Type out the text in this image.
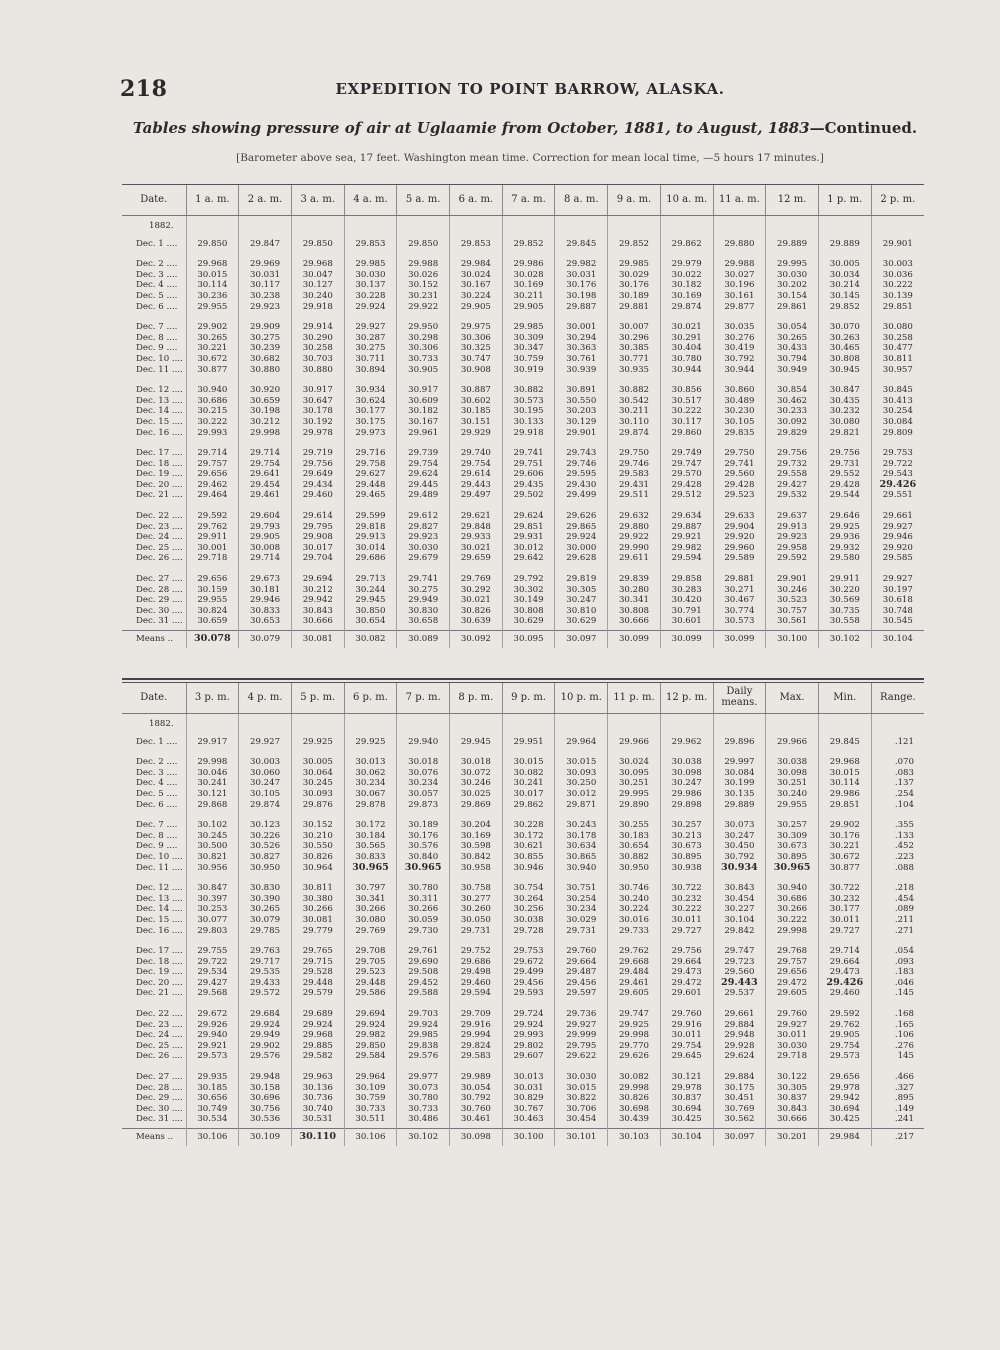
218	EXPEDITION TO POINT BARROW, ALASKA.
Tables showing pressure of air at Uglaamie from October, 1881, to August, 1883—Continued.
[Barometer above sea, 17 feet. Washington mean time. Correction for mean local time, —5 hours 17 minutes.]
Date.	1 a. m.	2 a. m.	3 a. m.	4 a. m.	5 a. m.	6 a. m.	7 a. m.	8 a. m.	9 a. m.	10 a. m.	11 a. m.	12 m.	1 p. m.	2 p. m.
1882.														
Dec. 1 ....	29.850	29.847	29.850	29.853	29.850	29.853	29.852	29.845	29.852	29.862	29.880	29.889	29.889	29.901
Dec. 2 ....	29.968	29.969	29.968	29.985	29.988	29.984	29.986	29.982	29.985	29.979	29.988	29.995	30.005	30.003
Dec. 3 ....	30.015	30.031	30.047	30.030	30.026	30.024	30.028	30.031	30.029	30.022	30.027	30.030	30.034	30.036
Dec. 4 ....	30.114	30.117	30.127	30.137	30.152	30.167	30.169	30.176	30.176	30.182	30.196	30.202	30.214	30.222
Dec. 5 ....	30.236	30.238	30.240	30.228	30.231	30.224	30.211	30.198	30.189	30.169	30.161	30.154	30.145	30.139
Dec. 6 ....	29.955	29.923	29.918	29.924	29.922	29.905	29.905	29.887	29.881	29.874	29.877	29.861	29.852	29.851
Dec. 7 ....	29.902	29.909	29.914	29.927	29.950	29.975	29.985	30.001	30.007	30.021	30.035	30.054	30.070	30.080
Dec. 8 ....	30.265	30.275	30.290	30.287	30.298	30.306	30.309	30.294	30.296	30.291	30.276	30.265	30.263	30.258
Dec. 9 ....	30.221	30.239	30.258	30.275	30.306	30.325	30.347	30.363	30.385	30.404	30.419	30.433	30.465	30.477
Dec. 10 ....	30.672	30.682	30.703	30.711	30.733	30.747	30.759	30.761	30.771	30.780	30.792	30.794	30.808	30.811
Dec. 11 ....	30.877	30.880	30.880	30.894	30.905	30.908	30.919	30.939	30.935	30.944	30.944	30.949	30.945	30.957
Dec. 12 ....	30.940	30.920	30.917	30.934	30.917	30.887	30.882	30.891	30.882	30.856	30.860	30.854	30.847	30.845
Dec. 13 ....	30.686	30.659	30.647	30.624	30.609	30.602	30.573	30.550	30.542	30.517	30.489	30.462	30.435	30.413
Dec. 14 ....	30.215	30.198	30.178	30.177	30.182	30.185	30.195	30.203	30.211	30.222	30.230	30.233	30.232	30.254
Dec. 15 ....	30.222	30.212	30.192	30.175	30.167	30.151	30.133	30.129	30.110	30.117	30.105	30.092	30.080	30.084
Dec. 16 ....	29.993	29.998	29.978	29.973	29.961	29.929	29.918	29.901	29.874	29.860	29.835	29.829	29.821	29.809
Dec. 17 ....	29.714	29.714	29.719	29.716	29.739	29.740	29.741	29.743	29.750	29.749	29.750	29.756	29.756	29.753
Dec. 18 ....	29.757	29.754	29.756	29.758	29.754	29.754	29.751	29.746	29.746	29.747	29.741	29.732	29.731	29.722
Dec. 19 ....	29.656	29.641	29.649	29.627	29.624	29.614	29.606	29.595	29.583	29.570	29.560	29.558	29.552	29.543
Dec. 20 ....	29.462	29.454	29.434	29.448	29.445	29.443	29.435	29.430	29.431	29.428	29.428	29.427	29.428	29.426
Dec. 21 ....	29.464	29.461	29.460	29.465	29.489	29.497	29.502	29.499	29.511	29.512	29.523	29.532	29.544	29.551
Dec. 22 ....	29.592	29.604	29.614	29.599	29.612	29.621	29.624	29.626	29.632	29.634	29.633	29.637	29.646	29.661
Dec. 23 ....	29.762	29.793	29.795	29.818	29.827	29.848	29.851	29.865	29.880	29.887	29.904	29.913	29.925	29.927
Dec. 24 ....	29.911	29.905	29.908	29.913	29.923	29.933	29.931	29.924	29.922	29.921	29.920	29.923	29.936	29.946
Dec. 25 ....	30.001	30.008	30.017	30.014	30.030	30.021	30.012	30.000	29.990	29.982	29.960	29.958	29.932	29.920
Dec. 26 ....	29.718	29.714	29.704	29.686	29.679	29.659	29.642	29.628	29.611	29.594	29.589	29.592	29.580	29.585
Dec. 27 ....	29.656	29.673	29.694	29.713	29.741	29.769	29.792	29.819	29.839	29.858	29.881	29.901	29.911	29.927
Dec. 28 ....	30.159	30.181	30.212	30.244	30.275	30.292	30.302	30.305	30.280	30.283	30.271	30.246	30.220	30.197
Dec. 29 ....	29.955	29.946	29.942	29.945	29.949	30.021	30.149	30.247	30.341	30.420	30.467	30.523	30.569	30.618
Dec. 30 ....	30.824	30.833	30.843	30.850	30.830	30.826	30.808	30.810	30.808	30.791	30.774	30.757	30.735	30.748
Dec. 31 ....	30.659	30.653	30.666	30.654	30.658	30.639	30.629	30.629	30.666	30.601	30.573	30.561	30.558	30.545
Means ..	30.078	30.079	30.081	30.082	30.089	30.092	30.095	30.097	30.099	30.099	30.099	30.100	30.102	30.104
Date.	3 p. m.	4 p. m.	5 p. m.	6 p. m.	7 p. m.	8 p. m.	9 p. m.	10 p. m.	11 p. m.	12 p. m.	Daily means.	Max.	Min.	Range.
1882.														
Dec. 1 ....	29.917	29.927	29.925	29.925	29.940	29.945	29.951	29.964	29.966	29.962	29.896	29.966	29.845	.121
Dec. 2 ....	29.998	30.003	30.005	30.013	30.018	30.018	30.015	30.015	30.024	30.038	29.997	30.038	29.968	.070
Dec. 3 ....	30.046	30.060	30.064	30.062	30.076	30.072	30.082	30.093	30.095	30.098	30.084	30.098	30.015	.083
Dec. 4 ....	30.241	30.247	30.245	30.234	30.234	30.246	30.241	30.250	30.251	30.247	30.199	30.251	30.114	.137
Dec. 5 ....	30.121	30.105	30.093	30.067	30.057	30.025	30.017	30.012	29.995	29.986	30.135	30.240	29.986	.254
Dec. 6 ....	29.868	29.874	29.876	29.878	29.873	29.869	29.862	29.871	29.890	29.898	29.889	29.955	29.851	.104
Dec. 7 ....	30.102	30.123	30.152	30.172	30.189	30.204	30.228	30.243	30.255	30.257	30.073	30.257	29.902	.355
Dec. 8 ....	30.245	30.226	30.210	30.184	30.176	30.169	30.172	30.178	30.183	30.213	30.247	30.309	30.176	.133
Dec. 9 ....	30.500	30.526	30.550	30.565	30.576	30.598	30.621	30.634	30.654	30.673	30.450	30.673	30.221	.452
Dec. 10 ....	30.821	30.827	30.826	30.833	30.840	30.842	30.855	30.865	30.882	30.895	30.792	30.895	30.672	.223
Dec. 11 ....	30.956	30.950	30.964	30.965	30.965	30.958	30.946	30.940	30.950	30.938	30.934	30.965	30.877	.088
Dec. 12 ....	30.847	30.830	30.811	30.797	30.780	30.758	30.754	30.751	30.746	30.722	30.843	30.940	30.722	.218
Dec. 13 ....	30.397	30.390	30.380	30.341	30.311	30.277	30.264	30.254	30.240	30.232	30.454	30.686	30.232	.454
Dec. 14 ....	30.253	30.265	30.266	30.266	30.266	30.260	30.256	30.234	30.224	30.222	30.227	30.266	30.177	.089
Dec. 15 ....	30.077	30.079	30.081	30.080	30.059	30.050	30.038	30.029	30.016	30.011	30.104	30.222	30.011	.211
Dec. 16 ....	29.803	29.785	29.779	29.769	29.730	29.731	29.728	29.731	29.733	29.727	29.842	29.998	29.727	.271
Dec. 17 ....	29.755	29.763	29.765	29.708	29.761	29.752	29.753	29.760	29.762	29.756	29.747	29.768	29.714	.054
Dec. 18 ....	29.722	29.717	29.715	29.705	29.690	29.686	29.672	29.664	29.668	29.664	29.723	29.757	29.664	.093
Dec. 19 ....	29.534	29.535	29.528	29.523	29.508	29.498	29.499	29.487	29.484	29.473	29.560	29.656	29.473	.183
Dec. 20 ....	29.427	29.433	29.448	29.448	29.452	29.460	29.456	29.456	29.461	29.472	29.443	29.472	29.426	.046
Dec. 21 ....	29.568	29.572	29.579	29.586	29.588	29.594	29.593	29.597	29.605	29.601	29.537	29.605	29.460	.145
Dec. 22 ....	29.672	29.684	29.689	29.694	29.703	29.709	29.724	29.736	29.747	29.760	29.661	29.760	29.592	.168
Dec. 23 ....	29.926	29.924	29.924	29.924	29.924	29.916	29.924	29.927	29.925	29.916	29.884	29.927	29.762	.165
Dec. 24 ....	29.940	29.949	29.968	29.982	29.985	29.994	29.993	29.999	29.998	30.011	29.948	30.011	29.905	.106
Dec. 25 ....	29.921	29.902	29.885	29.850	29.838	29.824	29.802	29.795	29.770	29.754	29.928	30.030	29.754	.276
Dec. 26 ....	29.573	29.576	29.582	29.584	29.576	29.583	29.607	29.622	29.626	29.645	29.624	29.718	29.573	145
Dec. 27 ....	29.935	29.948	29.963	29.964	29.977	29.989	30.013	30.030	30.082	30.121	29.884	30.122	29.656	.466
Dec. 28 ....	30.185	30.158	30.136	30.109	30.073	30.054	30.031	30.015	29.998	29.978	30.175	30.305	29.978	.327
Dec. 29 ....	30.656	30.696	30.736	30.759	30.780	30.792	30.829	30.822	30.826	30.837	30.451	30.837	29.942	.895
Dec. 30 ....	30.749	30.756	30.740	30.733	30.733	30.760	30.767	30.706	30.698	30.694	30.769	30.843	30.694	.149
Dec. 31 ....	30.534	30.536	30.531	30.511	30.486	30.461	30.463	30.454	30.439	30.425	30.562	30.666	30.425	.241
Means ..	30.106	30.109	30.110	30.106	30.102	30.098	30.100	30.101	30.103	30.104	30.097	30.201	29.984	.217
